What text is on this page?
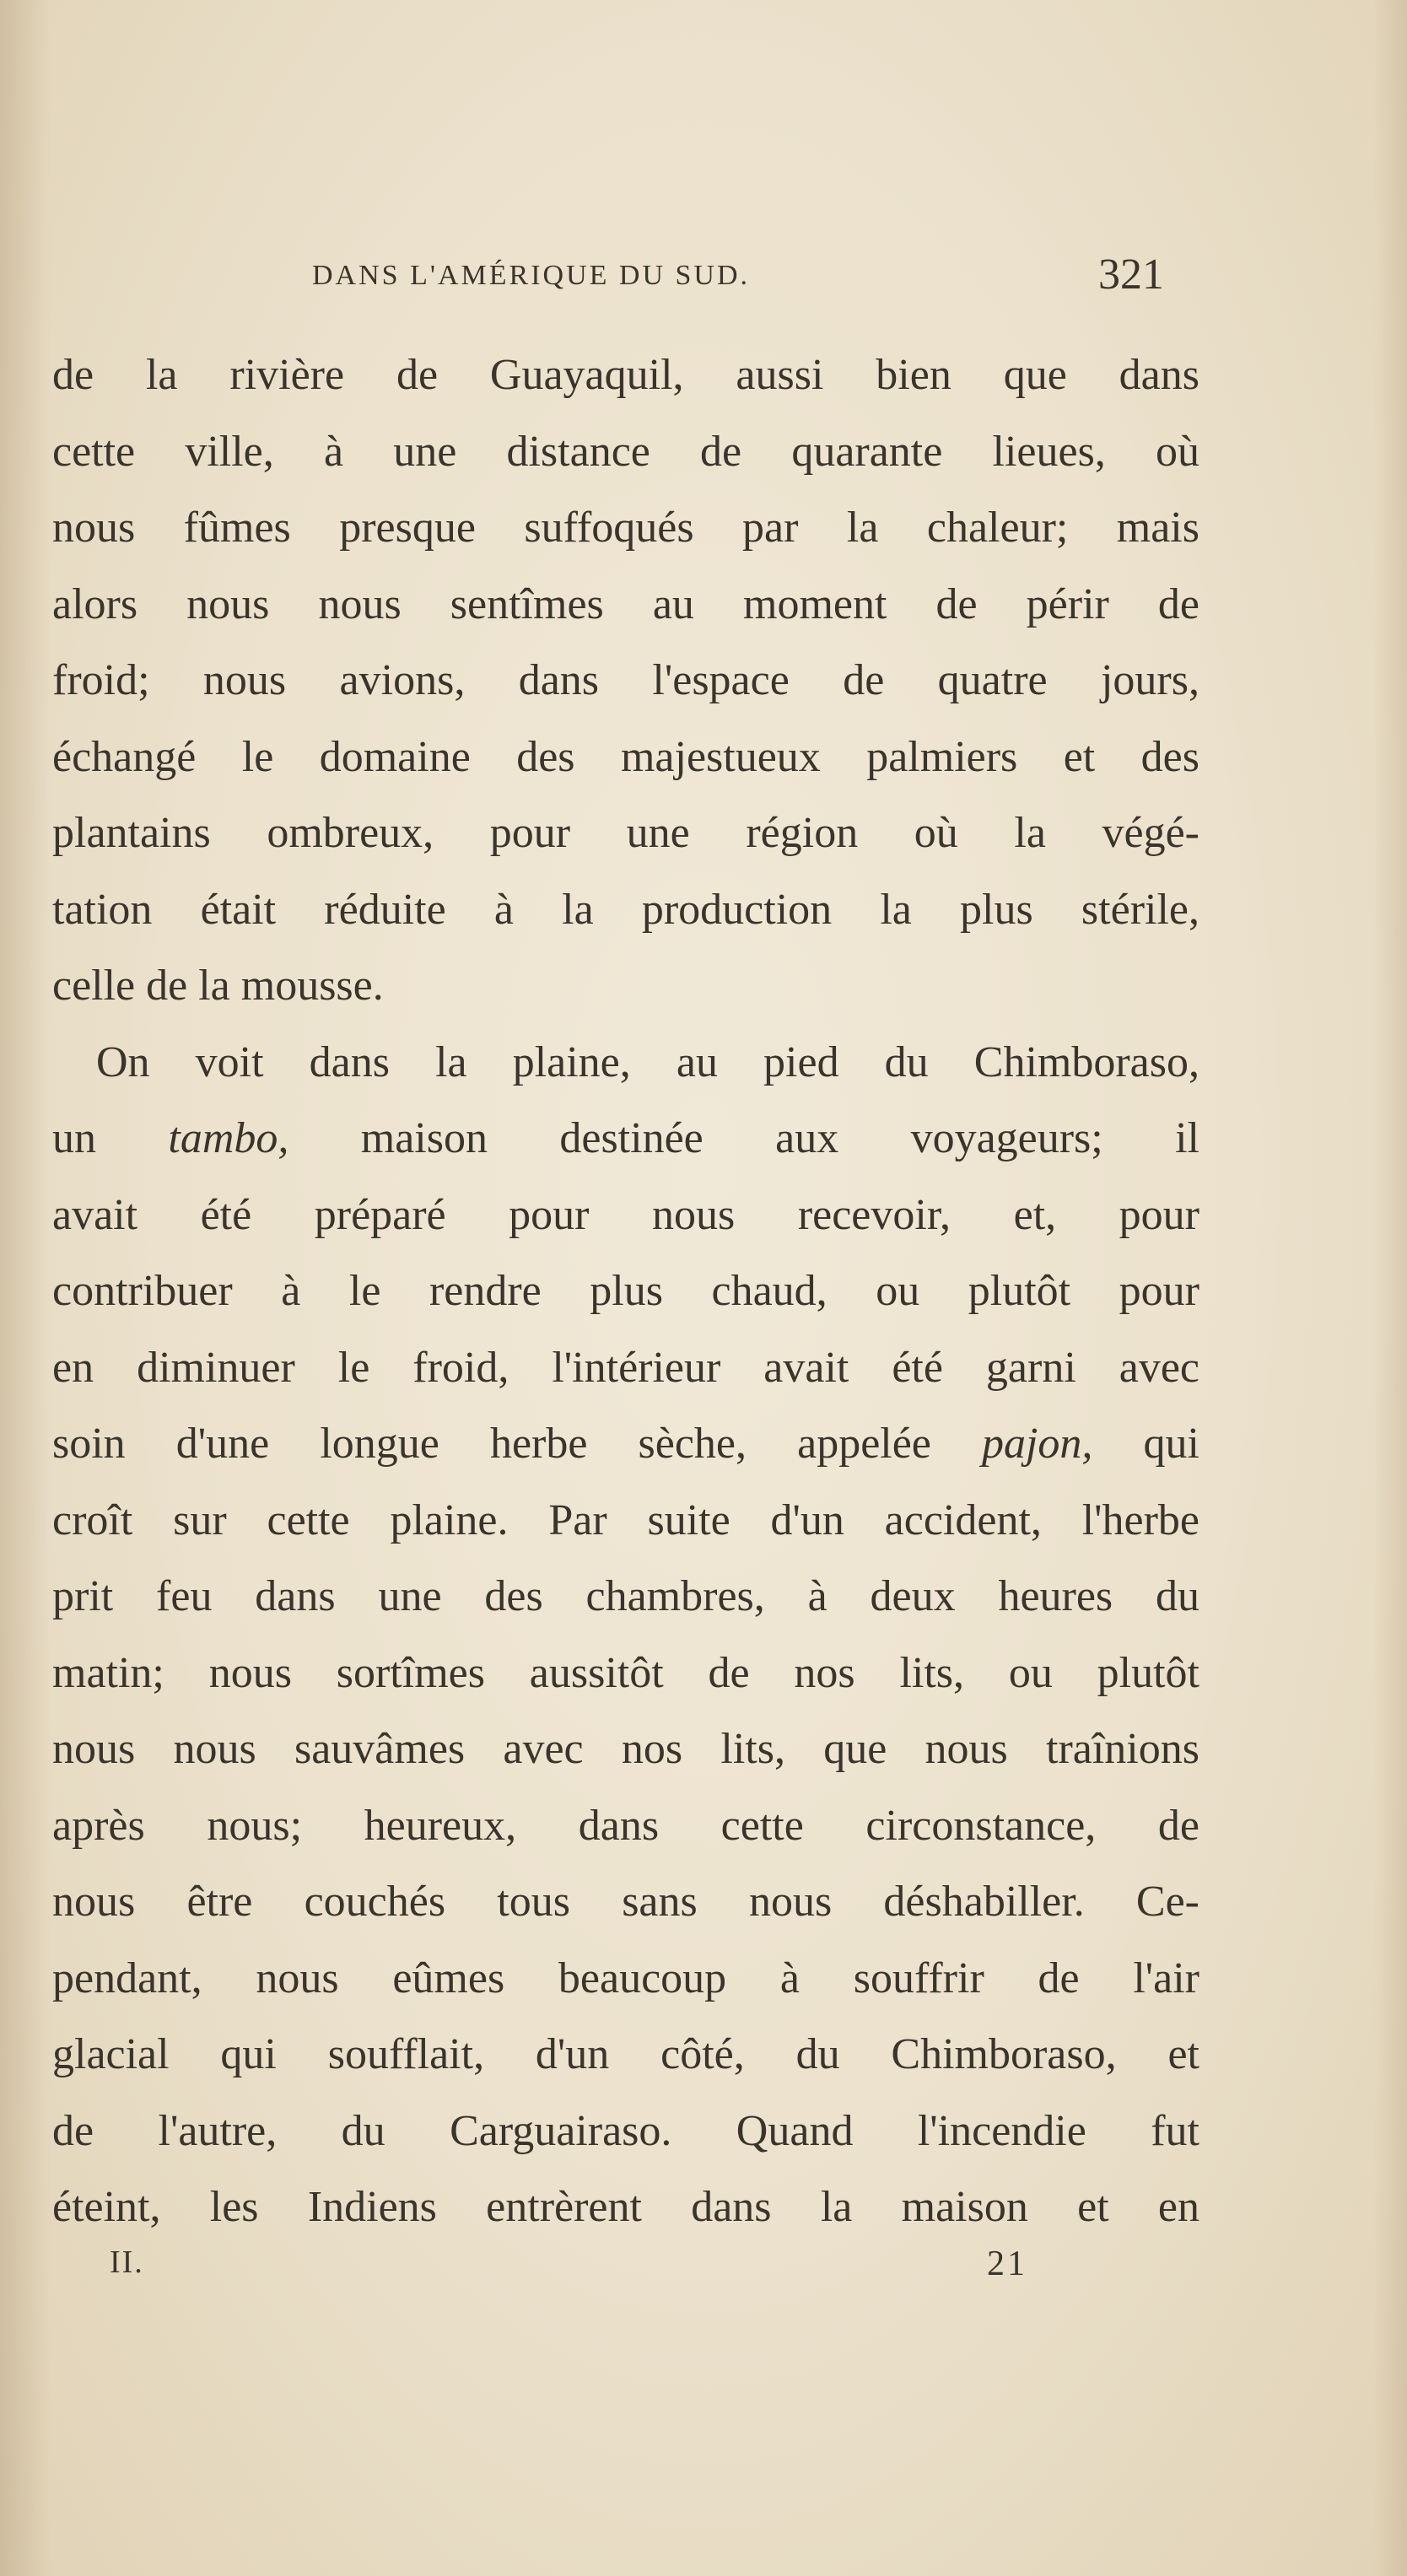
DANS L'AMÉRIQUE DU SUD.	321
de la rivière de Guayaquil, aussi bien que dans
cette ville, à une distance de quarante lieues, où
nous fûmes presque suffoqués par la chaleur; mais
alors nous nous sentîmes au moment de périr de
froid; nous avions, dans l'espace de quatre jours,
échangé le domaine des majestueux palmiers et des
plantains ombreux, pour une région où la végé-
tation était réduite à la production la plus stérile,
celle de la mousse.
On voit dans la plaine, au pied du Chimboraso,
un tambo, maison destinée aux voyageurs; il
avait été préparé pour nous recevoir, et, pour
contribuer à le rendre plus chaud, ou plutôt pour
en diminuer le froid, l'intérieur avait été garni avec
soin d'une longue herbe sèche, appelée pajon, qui
croît sur cette plaine. Par suite d'un accident, l'herbe
prit feu dans une des chambres, à deux heures du
matin; nous sortîmes aussitôt de nos lits, ou plutôt
nous nous sauvâmes avec nos lits, que nous traînions
après nous; heureux, dans cette circonstance, de
nous être couchés tous sans nous déshabiller. Ce-
pendant, nous eûmes beaucoup à souffrir de l'air
glacial qui soufflait, d'un côté, du Chimboraso, et
de l'autre, du Carguairaso. Quand l'incendie fut
éteint, les Indiens entrèrent dans la maison et en
II.	21
